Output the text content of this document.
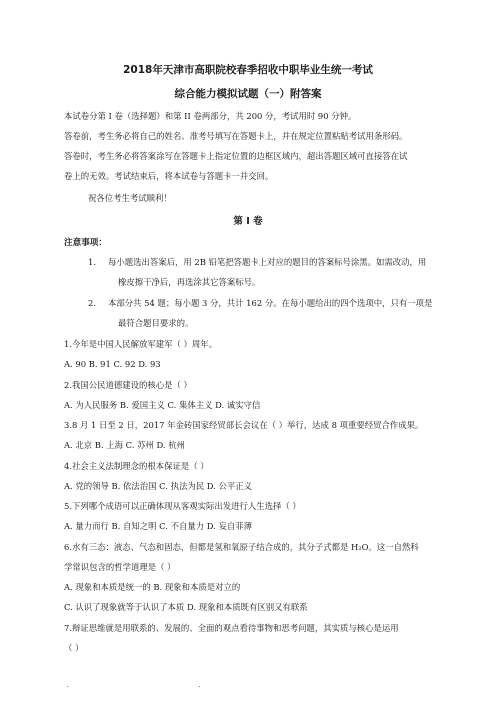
2018年天津市高职院校春季招收中职毕业生统一考试
综合能力模拟试题（一）附答案
本试卷分第 I 卷（选择题）和第 II 卷两部分，共 200 分，考试用时 90 分钟。
答卷前，考生务必将自己的姓名、准考号填写在答题卡上，并在规定位置粘贴考试用条形码。
答卷时，考生务必将答案涂写在答题卡上指定位置的边框区域内，超出答题区域可直接答在试
卷上的无效。考试结束后，将本试卷与答题卡一并交回。
祝各位考生考试顺利！
第 I 卷
注意事项：
1. 每小题选出答案后，用 2B 铅笔把答题卡上对应的题目的答案标号涂黑。如需改动，用
橡皮擦干净后，再选涂其它答案标号。
2. 本部分共 54 题；每小题 3 分，共计 162 分。在每小题给出的四个选项中，只有一项是
最符合题目要求的。
1.今年是中国人民解放军建军（ ）周年。
A. 90 B. 91 C. 92 D. 93
2.我国公民道德建设的核心是（ ）
A. 为人民服务 B. 爱国主义 C. 集体主义 D. 诚实守信
3.8 月 1 日至 2 日，2017 年金砖国家经贸部长会议在（ ）举行，达成 8 项重要经贸合作成果。
A. 北京 B. 上海 C. 苏州 D. 杭州
4.社会主义法制理念的根本保证是（ ）
A. 党的领导 B. 依法治国 C. 执法为民 D. 公平正义
5.下列哪个成语可以正确体现从客观实际出发进行人生选择（ ）
A. 量力而行 B. 自知之明 C. 不自量力 D. 妄自菲薄
6.水有三态：液态、气态和固态，但都是氢和氧原子结合成的，其分子式都是 H₂O。这一自然科
学常识包含的哲学道理是（ ）
A. 现象和本质是统一的 B. 现象和本质是对立的
C. 认识了现象就等于认识了本质 D. 现象和本质既有区别又有联系
7.辩证思维就是用联系的、发展的、全面的观点看待事物和思考问题，其实质与核心是运用
（ ）
.	.
